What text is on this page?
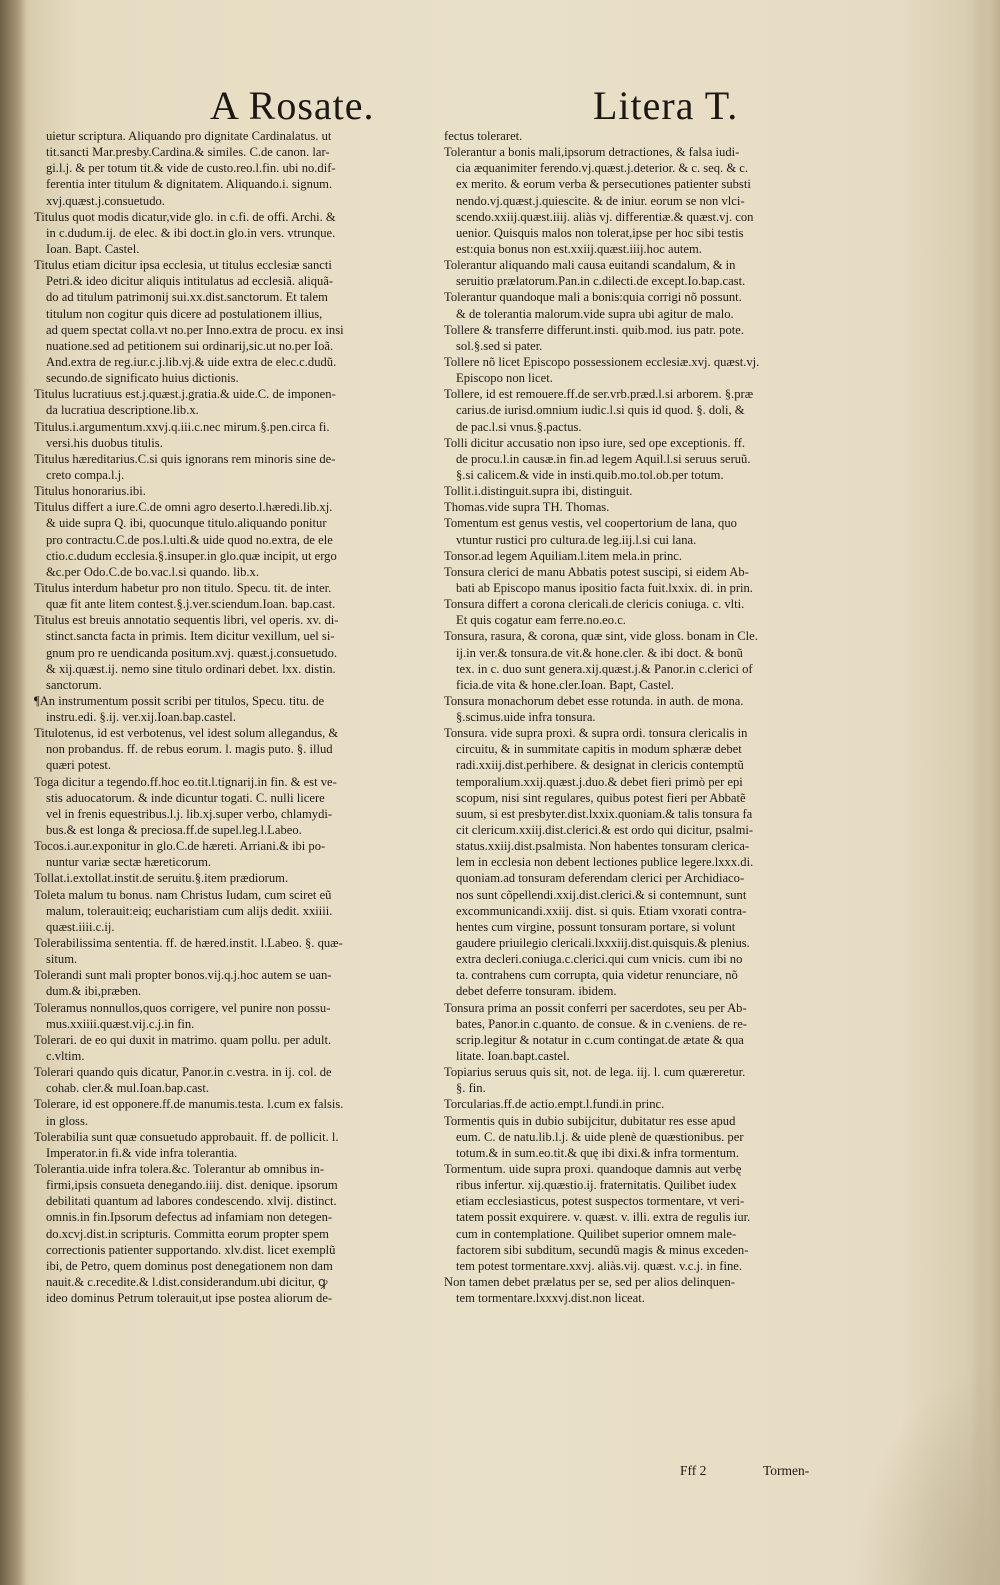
A Rosate.	Litera T.
uietur scriptura. Aliquando pro dignitate Cardinalatus. ut
tit.sancti Mar.presby.Cardina.& similes. C.de canon. lar-
gi.l.j. & per totum tit.& vide de custo.reo.l.fin. ubi no.dif-
ferentia inter titulum & dignitatem. Aliquando.i. signum.
xvj.quæst.j.consuetudo.
Titulus quot modis dicatur,vide glo. in c.fi. de offi. Archi. &
in c.dudum.ij. de elec. & ibi doct.in glo.in vers. vtrunque.
Ioan. Bapt. Castel.
Titulus etiam dicitur ipsa ecclesia, ut titulus ecclesiæ sancti
Petri.& ideo dicitur aliquis intitulatus ad ecclesiã. aliquã-
do ad titulum patrimonij sui.xx.dist.sanctorum. Et talem
titulum non cogitur quis dicere ad postulationem illius,
ad quem spectat colla.vt no.per Inno.extra de procu. ex insi
nuatione.sed ad petitionem sui ordinarij,sic.ut no.per Ioã.
And.extra de reg.iur.c.j.lib.vj.& uide extra de elec.c.dudũ.
secundo.de significato huius dictionis.
Titulus lucratiuus est.j.quæst.j.gratia.& uide.C. de imponen-
da lucratiua descriptione.lib.x.
Titulus.i.argumentum.xxvj.q.iii.c.nec mirum.§.pen.circa fi.
versi.his duobus titulis.
Titulus hæreditarius.C.si quis ignorans rem minoris sine de-
creto compa.l.j.
Titulus honorarius.ibi.
Titulus differt a iure.C.de omni agro deserto.l.hæredi.lib.xj.
& uide supra Q. ibi, quocunque titulo.aliquando ponitur
pro contractu.C.de pos.l.ulti.& uide quod no.extra, de ele
ctio.c.dudum ecclesia.§.insuper.in glo.quæ incipit, ut ergo
&c.per Odo.C.de bo.vac.l.si quando. lib.x.
Titulus interdum habetur pro non titulo. Specu. tit. de inter.
quæ fit ante litem contest.§.j.ver.sciendum.Ioan. bap.cast.
Titulus est breuis annotatio sequentis libri, vel operis. xv. di-
stinct.sancta facta in primis. Item dicitur vexillum, uel si-
gnum pro re uendicanda positum.xvj. quæst.j.consuetudo.
& xij.quæst.ij. nemo sine titulo ordinari debet. lxx. distin.
sanctorum.
¶An instrumentum possit scribi per titulos, Specu. titu. de
instru.edi. §.ij. ver.xij.Ioan.bap.castel.
Titulotenus, id est verbotenus, vel idest solum allegandus, &
non probandus. ff. de rebus eorum. l. magis puto. §. illud
quæri potest.
Toga dicitur a tegendo.ff.hoc eo.tit.l.tignarij.in fin. & est ve-
stis aduocatorum. & inde dicuntur togati. C. nulli licere
vel in frenis equestribus.l.j. lib.xj.super verbo, chlamydi-
bus.& est longa & preciosa.ff.de supel.leg.l.Labeo.
Tocos.i.aur.exponitur in glo.C.de hæreti. Arriani.& ibi po-
nuntur variæ sectæ hæreticorum.
Tollat.i.extollat.instit.de seruitu.§.item prædiorum.
Toleta malum tu bonus. nam Christus Iudam, cum sciret eũ
malum, tolerauit:eiq; eucharistiam cum alijs dedit. xxiiii.
quæst.iiii.c.ij.
Tolerabilissima sententia. ff. de hæred.instit. l.Labeo. §. quæ-
situm.
Tolerandi sunt mali propter bonos.vij.q.j.hoc autem se uan-
dum.& ibi,præben.
Toleramus nonnullos,quos corrigere, vel punire non possu-
mus.xxiiii.quæst.vij.c.j.in fin.
Tolerari. de eo qui duxit in matrimo. quam pollu. per adult.
c.vltim.
Tolerari quando quis dicatur, Panor.in c.vestra. in ij. col. de
cohab. cler.& mul.Ioan.bap.cast.
Tolerare, id est opponere.ff.de manumis.testa. l.cum ex falsis.
in gloss.
Tolerabilia sunt quæ consuetudo approbauit. ff. de pollicit. l.
Imperator.in fi.& vide infra tolerantia.
Tolerantia.uide infra tolera.&c. Tolerantur ab omnibus in-
firmi,ipsis consueta denegando.iiij. dist. denique. ipsorum
debilitati quantum ad labores condescendo. xlvij. distinct.
omnis.in fin.Ipsorum defectus ad infamiam non detegen-
do.xcvj.dist.in scripturis. Committa eorum propter spem
correctionis patienter supportando. xlv.dist. licet exemplũ
ibi, de Petro, quem dominus post denegationem non dam
nauit.& c.recedite.& l.dist.considerandum.ubi dicitur, ꝙ
ideo dominus Petrum tolerauit,ut ipse postea aliorum de-
fectus toleraret.
Tolerantur a bonis mali,ipsorum detractiones, & falsa iudi-
cia æquanimiter ferendo.vj.quæst.j.deterior. & c. seq. & c.
ex merito. & eorum verba & persecutiones patienter substi
nendo.vj.quæst.j.quiescite. & de iniur. eorum se non vlci-
scendo.xxiij.quæst.iiij. aliàs vj. differentiæ.& quæst.vj. con
uenior. Quisquis malos non tolerat,ipse per hoc sibi testis
est:quia bonus non est.xxiij.quæst.iiij.hoc autem.
Tolerantur aliquando mali causa euitandi scandalum, & in
seruitio prælatorum.Pan.in c.dilecti.de except.Io.bap.cast.
Tolerantur quandoque mali a bonis:quia corrigi nõ possunt.
& de tolerantia malorum.vide supra ubi agitur de malo.
Tollere & transferre differunt.insti. quib.mod. ius patr. pote.
sol.§.sed si pater.
Tollere nõ licet Episcopo possessionem ecclesiæ.xvj. quæst.vj.
Episcopo non licet.
Tollere, id est remouere.ff.de ser.vrb.præd.l.si arborem. §.præ
carius.de iurisd.omnium iudic.l.si quis id quod. §. doli, &
de pac.l.si vnus.§.pactus.
Tolli dicitur accusatio non ipso iure, sed ope exceptionis. ff.
de procu.l.in causæ.in fin.ad legem Aquil.l.si seruus seruũ.
§.si calicem.& vide in insti.quib.mo.tol.ob.per totum.
Tollit.i.distinguit.supra ibi, distinguit.
Thomas.vide supra TH. Thomas.
Tomentum est genus vestis, vel coopertorium de lana, quo
vtuntur rustici pro cultura.de leg.iij.l.si cui lana.
Tonsor.ad legem Aquiliam.l.item mela.in princ.
Tonsura clerici de manu Abbatis potest suscipi, si eidem Ab-
bati ab Episcopo manus ipositio facta fuit.lxxix. di. in prin.
Tonsura differt a corona clericali.de clericis coniuga. c. vlti.
Et quis cogatur eam ferre.no.eo.c.
Tonsura, rasura, & corona, quæ sint, vide gloss. bonam in Cle.
ij.in ver.& tonsura.de vit.& hone.cler. & ibi doct. & bonũ
tex. in c. duo sunt genera.xij.quæst.j.& Panor.in c.clerici of
ficia.de vita & hone.cler.Ioan. Bapt, Castel.
Tonsura monachorum debet esse rotunda. in auth. de mona.
§.scimus.uide infra tonsura.
Tonsura. vide supra proxi. & supra ordi. tonsura clericalis in
circuitu, & in summitate capitis in modum sphæræ debet
radi.xxiij.dist.perhibere. & designat in clericis contemptũ
temporalium.xxij.quæst.j.duo.& debet fieri primò per epi
scopum, nisi sint regulares, quibus potest fieri per Abbatẽ
suum, si est presbyter.dist.lxxix.quoniam.& talis tonsura fa
cit clericum.xxiij.dist.clerici.& est ordo qui dicitur, psalmi-
status.xxiij.dist.psalmista. Non habentes tonsuram clerica-
lem in ecclesia non debent lectiones publice legere.lxxx.di.
quoniam.ad tonsuram deferendam clerici per Archidiaco-
nos sunt cõpellendi.xxij.dist.clerici.& si contemnunt, sunt
excommunicandi.xxiij. dist. si quis. Etiam vxorati contra-
hentes cum virgine, possunt tonsuram portare, si volunt
gaudere priuilegio clericali.lxxxiij.dist.quisquis.& plenius.
extra decleri.coniuga.c.clerici.qui cum vnicis. cum ibi no
ta. contrahens cum corrupta, quia videtur renunciare, nõ
debet deferre tonsuram. ibidem.
Tonsura prima an possit conferri per sacerdotes, seu per Ab-
bates, Panor.in c.quanto. de consue. & in c.veniens. de re-
scrip.legitur & notatur in c.cum contingat.de ætate & qua
litate. Ioan.bapt.castel.
Topiarius seruus quis sit, not. de lega. iij. l. cum quæreretur.
§. fin.
Torcularias.ff.de actio.empt.l.fundi.in princ.
Tormentis quis in dubio subijcitur, dubitatur res esse apud
eum. C. de natu.lib.l.j. & uide plenè de quæstionibus. per
totum.& in sum.eo.tit.& quę ibi dixi.& infra tormentum.
Tormentum. uide supra proxi. quandoque damnis aut verbę
ribus infertur. xij.quæstio.ij. fraternitatis. Quilibet iudex
etiam ecclesiasticus, potest suspectos tormentare, vt veri-
tatem possit exquirere. v. quæst. v. illi. extra de regulis iur.
cum in contemplatione. Quilibet superior omnem male-
factorem sibi subditum, secundũ magis & minus exceden-
tem potest tormentare.xxvj. aliàs.vij. quæst. v.c.j. in fine.
Non tamen debet prælatus per se, sed per alios delinquen-
tem tormentare.lxxxvj.dist.non liceat.
Fff 2	Tormen-
